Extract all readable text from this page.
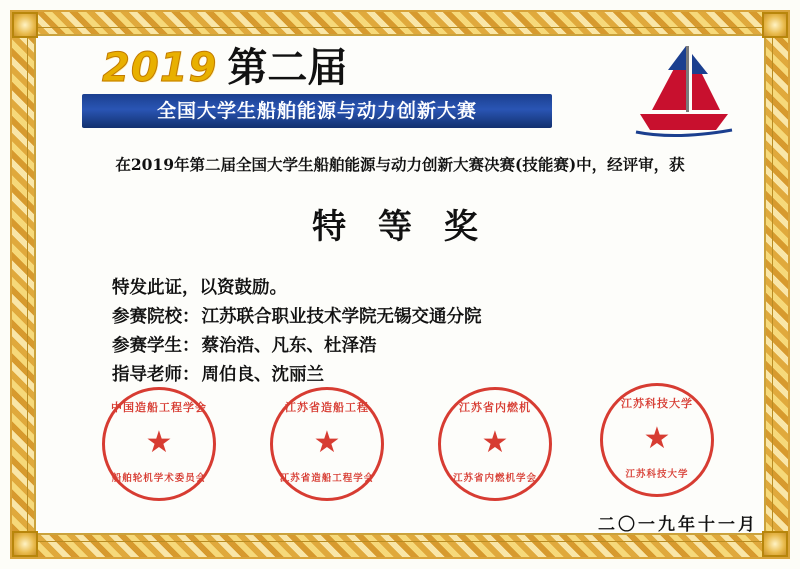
2019 第二届
全国大学生船舶能源与动力创新大赛
在2019年第二届全国大学生船舶能源与动力创新大赛决赛(技能赛)中，经评审，获
特 等 奖
特发此证，以资鼓励。
参赛院校： 江苏联合职业技术学院无锡交通分院
参赛学生： 蔡治浩、凡东、杜泽浩
指导老师： 周伯良、沈丽兰
中国造船工程学会
★
船舶轮机学术委员会
江苏省造船工程
★
江苏省造船工程学会
江苏省内燃机
★
江苏省内燃机学会
江苏科技大学
★
江苏科技大学
二〇一九年十一月
